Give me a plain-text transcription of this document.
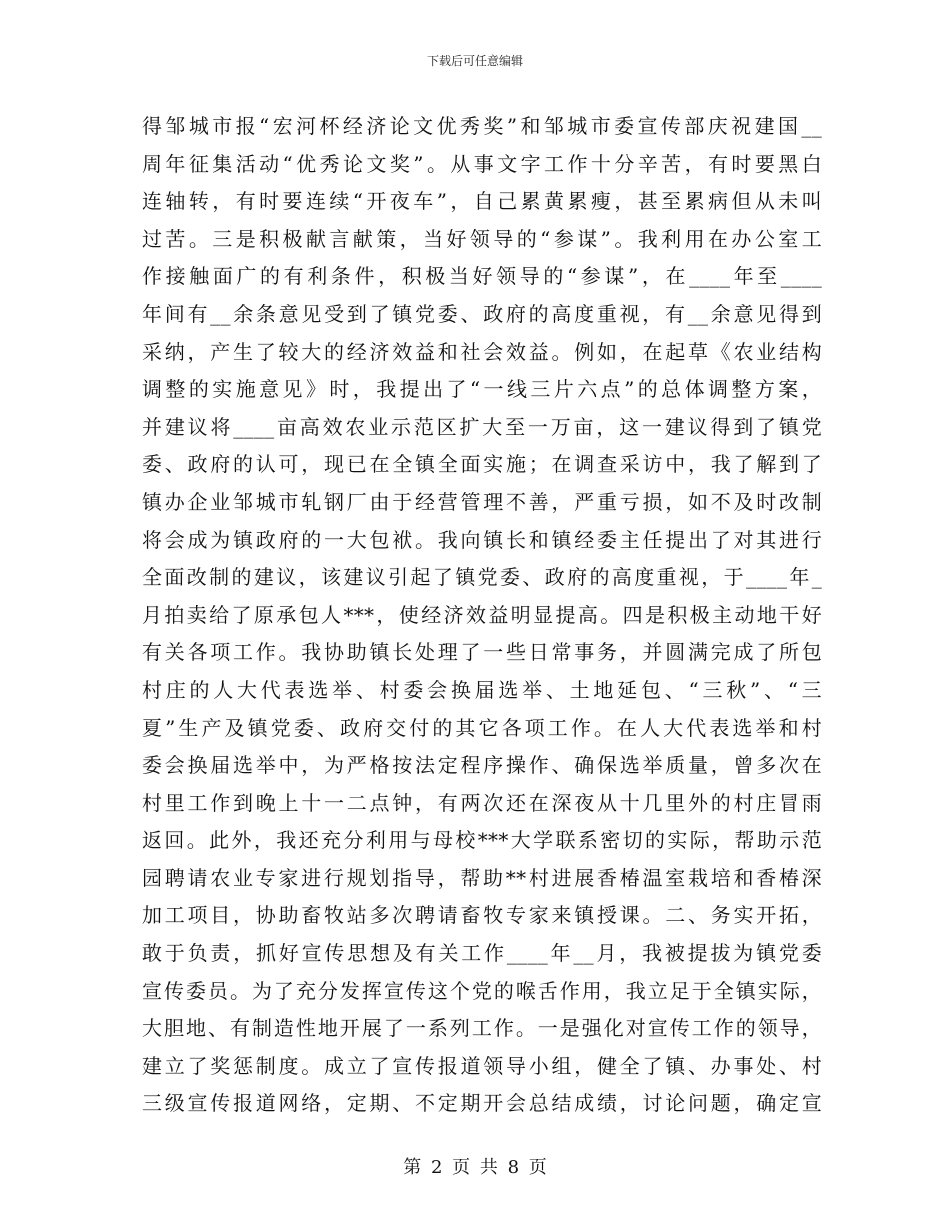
下载后可任意编辑
得邹城市报“宏河杯经济论文优秀奖”和邹城市委宣传部庆祝建国__
周年征集活动“优秀论文奖”。从事文字工作十分辛苦，有时要黑白
连轴转，有时要连续“开夜车”，自己累黄累瘦，甚至累病但从未叫
过苦。三是积极献言献策，当好领导的“参谋”。我利用在办公室工
作接触面广的有利条件，积极当好领导的“参谋”，在____年至____
年间有__余条意见受到了镇党委、政府的高度重视，有__余意见得到
采纳，产生了较大的经济效益和社会效益。例如，在起草《农业结构
调整的实施意见》时，我提出了“一线三片六点”的总体调整方案，
并建议将____亩高效农业示范区扩大至一万亩，这一建议得到了镇党
委、政府的认可，现已在全镇全面实施；在调查采访中，我了解到了
镇办企业邹城市轧钢厂由于经营管理不善，严重亏损，如不及时改制
将会成为镇政府的一大包袱。我向镇长和镇经委主任提出了对其进行
全面改制的建议，该建议引起了镇党委、政府的高度重视，于____年_
月拍卖给了原承包人***，使经济效益明显提高。四是积极主动地干好
有关各项工作。我协助镇长处理了一些日常事务，并圆满完成了所包
村庄的人大代表选举、村委会换届选举、土地延包、“三秋”、“三
夏”生产及镇党委、政府交付的其它各项工作。在人大代表选举和村
委会换届选举中，为严格按法定程序操作、确保选举质量，曾多次在
村里工作到晚上十一二点钟，有两次还在深夜从十几里外的村庄冒雨
返回。此外，我还充分利用与母校***大学联系密切的实际，帮助示范
园聘请农业专家进行规划指导，帮助**村进展香椿温室栽培和香椿深
加工项目，协助畜牧站多次聘请畜牧专家来镇授课。二、务实开拓，
敢于负责，抓好宣传思想及有关工作____年__月，我被提拔为镇党委
宣传委员。为了充分发挥宣传这个党的喉舌作用，我立足于全镇实际，
大胆地、有制造性地开展了一系列工作。一是强化对宣传工作的领导，
建立了奖惩制度。成立了宣传报道领导小组，健全了镇、办事处、村
三级宣传报道网络，定期、不定期开会总结成绩，讨论问题，确定宣
第 2 页 共 8 页
